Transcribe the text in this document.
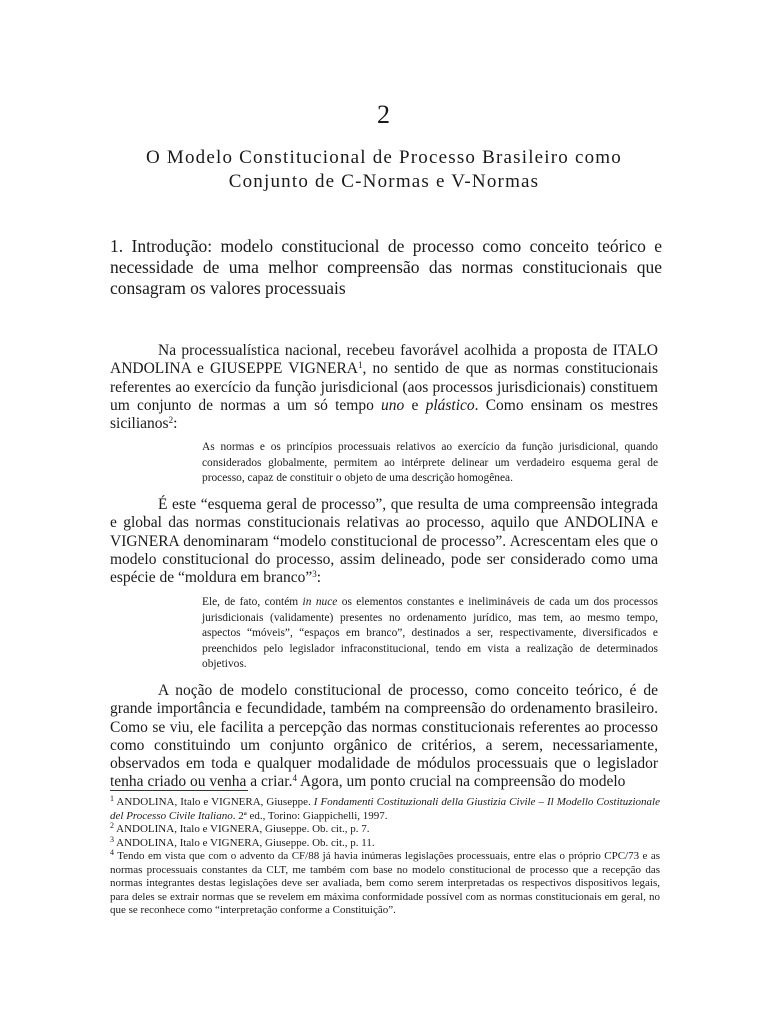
2
O Modelo Constitucional de Processo Brasileiro como
Conjunto de C-Normas e V-Normas
1. Introdução: modelo constitucional de processo como conceito teórico e necessidade de uma melhor compreensão das normas constitucionais que consagram os valores processuais

Na processualística nacional, recebeu favorável acolhida a proposta de ITALO ANDOLINA e GIUSEPPE VIGNERA$^1$, no sentido de que as normas constitucionais referentes ao exercício da função jurisdicional (aos processos jurisdicionais) constituem um conjunto de normas a um só tempo uno e plástico. Como ensinam os mestres sicilianos$^2$:

As normas e os princípios processuais relativos ao exercício da função jurisdicional, quando considerados globalmente, permitem ao intérprete delinear um verdadeiro esquema geral de processo, capaz de constituir o objeto de uma descrição homogênea.

É este “esquema geral de processo”, que resulta de uma compreensão integrada e global das normas constitucionais relativas ao processo, aquilo que ANDOLINA e VIGNERA denominaram “modelo constitucional de processo”. Acrescentam eles que o modelo constitucional do processo, assim delineado, pode ser considerado como uma espécie de “moldura em branco”$^3$:

Ele, de fato, contém in nuce os elementos constantes e inelimináveis de cada um dos processos jurisdicionais (validamente) presentes no ordenamento jurídico, mas tem, ao mesmo tempo, aspectos “móveis”, “espaços em branco”, destinados a ser, respectivamente, diversificados e preenchidos pelo legislador infraconstitucional, tendo em vista a realização de determinados objetivos.

A noção de modelo constitucional de processo, como conceito teórico, é de grande importância e fecundidade, também na compreensão do ordenamento brasileiro. Como se viu, ele facilita a percepção das normas constitucionais referentes ao processo como constituindo um conjunto orgânico de critérios, a serem, necessariamente, observados em toda e qualquer modalidade de módulos processuais que o legislador tenha criado ou venha a criar.$^4$ Agora, um ponto crucial na compreensão do modelo

$^1$ ANDOLINA, Italo e VIGNERA, Giuseppe. I Fondamenti Costituzionali della Giustizia Civile – Il Modello Costituzionale del Processo Civile Italiano. 2ª ed., Torino: Giappichelli, 1997.

$^2$ ANDOLINA, Italo e VIGNERA, Giuseppe. Ob. cit., p. 7.

$^3$ ANDOLINA, Italo e VIGNERA, Giuseppe. Ob. cit., p. 11.

$^4$ Tendo em vista que com o advento da CF/88 já havia inúmeras legislações processuais, entre elas o próprio CPC/73 e as normas processuais constantes da CLT, me também com base no modelo constitucional de processo que a recepção das normas integrantes destas legislações deve ser avaliada, bem como serem interpretadas os respectivos dispositivos legais, para deles se extrair normas que se revelem em máxima conformidade possível com as normas constitucionais em geral, no que se reconhece como “interpretação conforme a Constituição”.
